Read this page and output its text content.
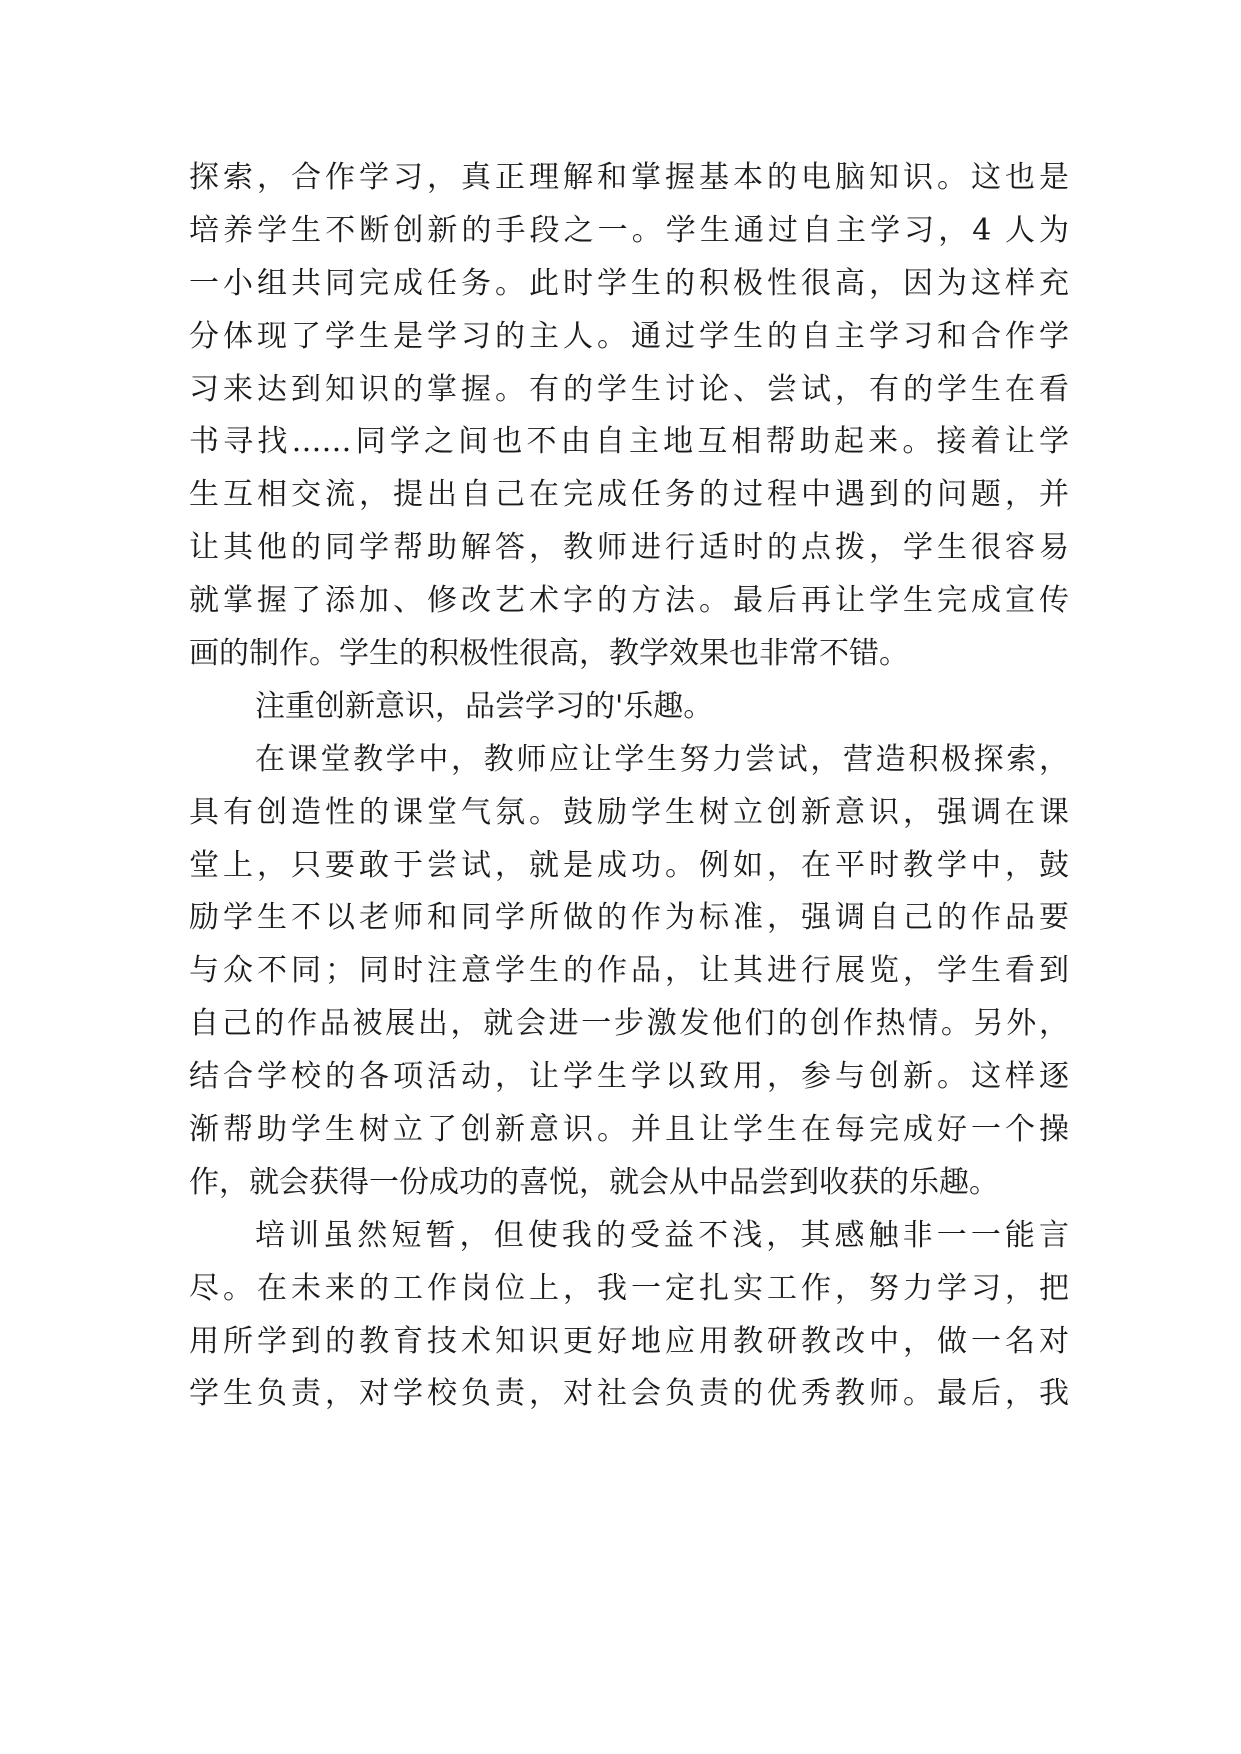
探索，合作学习，真正理解和掌握基本的电脑知识。这也是
培养学生不断创新的手段之一。学生通过自主学习，4 人为
一小组共同完成任务。此时学生的积极性很高，因为这样充
分体现了学生是学习的主人。通过学生的自主学习和合作学
习来达到知识的掌握。有的学生讨论、尝试，有的学生在看
书寻找……同学之间也不由自主地互相帮助起来。接着让学
生互相交流，提出自己在完成任务的过程中遇到的问题，并
让其他的同学帮助解答，教师进行适时的点拨，学生很容易
就掌握了添加、修改艺术字的方法。最后再让学生完成宣传
画的制作。学生的积极性很高，教学效果也非常不错。
注重创新意识，品尝学习的'乐趣。
在课堂教学中，教师应让学生努力尝试，营造积极探索，
具有创造性的课堂气氛。鼓励学生树立创新意识，强调在课
堂上，只要敢于尝试，就是成功。例如，在平时教学中，鼓
励学生不以老师和同学所做的作为标准，强调自己的作品要
与众不同；同时注意学生的作品，让其进行展览，学生看到
自己的作品被展出，就会进一步激发他们的创作热情。另外，
结合学校的各项活动，让学生学以致用，参与创新。这样逐
渐帮助学生树立了创新意识。并且让学生在每完成好一个操
作，就会获得一份成功的喜悦，就会从中品尝到收获的乐趣。
培训虽然短暂，但使我的受益不浅，其感触非一一能言
尽。在未来的工作岗位上，我一定扎实工作，努力学习，把
用所学到的教育技术知识更好地应用教研教改中，做一名对
学生负责，对学校负责，对社会负责的优秀教师。最后，我
